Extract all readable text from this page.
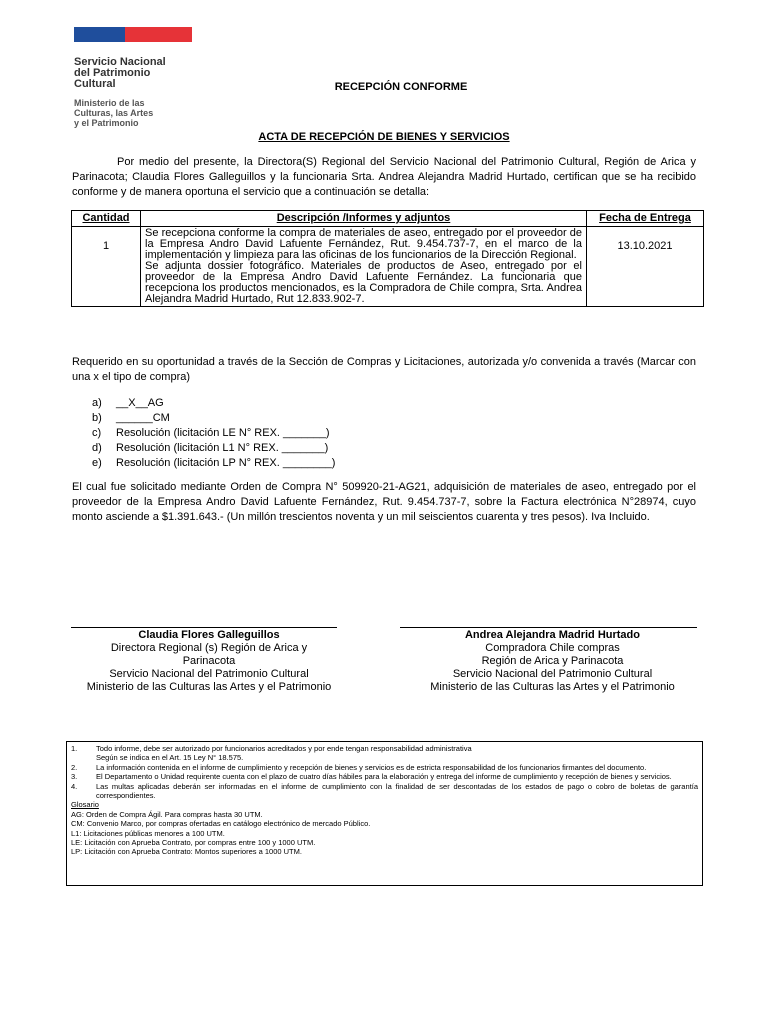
Servicio Nacional
del Patrimonio
Cultural
Ministerio de las
Culturas, las Artes
y el Patrimonio
RECEPCIÓN CONFORME
ACTA DE RECEPCIÓN DE BIENES Y SERVICIOS
Por medio del presente, la Directora(S) Regional del Servicio Nacional del Patrimonio Cultural, Región de Arica y Parinacota; Claudia Flores Galleguillos y la funcionaria Srta. Andrea Alejandra Madrid Hurtado, certifican que se ha recibido conforme y de manera oportuna el servicio que a continuación se detalla:
Cantidad	Descripción /Informes y adjuntos	Fecha de Entrega
1	Se recepciona conforme la compra de materiales de aseo, entregado por el proveedor de la Empresa Andro David Lafuente Fernández, Rut. 9.454.737-7, en el marco de la implementación y limpieza para las oficinas de los funcionarios de la Dirección Regional.
Se adjunta dossier fotográfico. Materiales de productos de Aseo, entregado por el proveedor de la Empresa Andro David Lafuente Fernández. La funcionaria que recepciona los productos mencionados, es la Compradora de Chile compra, Srta. Andrea Alejandra Madrid Hurtado, Rut 12.833.902-7.	13.10.2021
Requerido en su oportunidad a través de la Sección de Compras y Licitaciones, autorizada y/o convenida a través (Marcar con una x el tipo de compra)
a)	__X__AG
b)	______CM
c)	Resolución (licitación LE N° REX. _______)
d)	Resolución (licitación L1 N° REX. _______)
e)	Resolución (licitación LP N° REX. ________)
El cual fue solicitado mediante Orden de Compra N° 509920-21-AG21, adquisición de materiales de aseo, entregado por el proveedor de la Empresa Andro David Lafuente Fernández, Rut. 9.454.737-7, sobre la Factura electrónica N°28974, cuyo monto asciende a $1.391.643.- (Un millón trescientos noventa y un mil seiscientos cuarenta y tres pesos). Iva Incluido.
Claudia Flores Galleguillos
Directora Regional (s) Región de Arica y Parinacota
Servicio Nacional del Patrimonio Cultural
Ministerio de las Culturas las Artes y el Patrimonio
Andrea Alejandra Madrid Hurtado
Compradora Chile compras
Región de Arica y Parinacota
Servicio Nacional del Patrimonio Cultural
Ministerio de las Culturas las Artes y el Patrimonio
1.	Todo informe, debe ser autorizado por funcionarios acreditados y por ende tengan responsabilidad administrativa
Según se indica en el Art. 15 Ley N° 18.575.
2.	La información contenida en el informe de cumplimiento y recepción de bienes y servicios es de estricta responsabilidad de los funcionarios firmantes del documento.
3.	El Departamento o Unidad requirente cuenta con el plazo de cuatro días hábiles para la elaboración y entrega del informe de cumplimiento y recepción de bienes y servicios.
4.	Las multas aplicadas deberán ser informadas en el informe de cumplimiento con la finalidad de ser descontadas de los estados de pago o cobro de boletas de garantía correspondientes.
Glosario
AG: Orden de Compra Ágil. Para compras hasta 30 UTM.
CM: Convenio Marco, por compras ofertadas en catálogo electrónico de mercado Público.
L1: Licitaciones públicas menores a 100 UTM.
LE: Licitación con Aprueba Contrato, por compras entre 100 y 1000 UTM.
LP: Licitación con Aprueba Contrato: Montos superiores a 1000 UTM.
